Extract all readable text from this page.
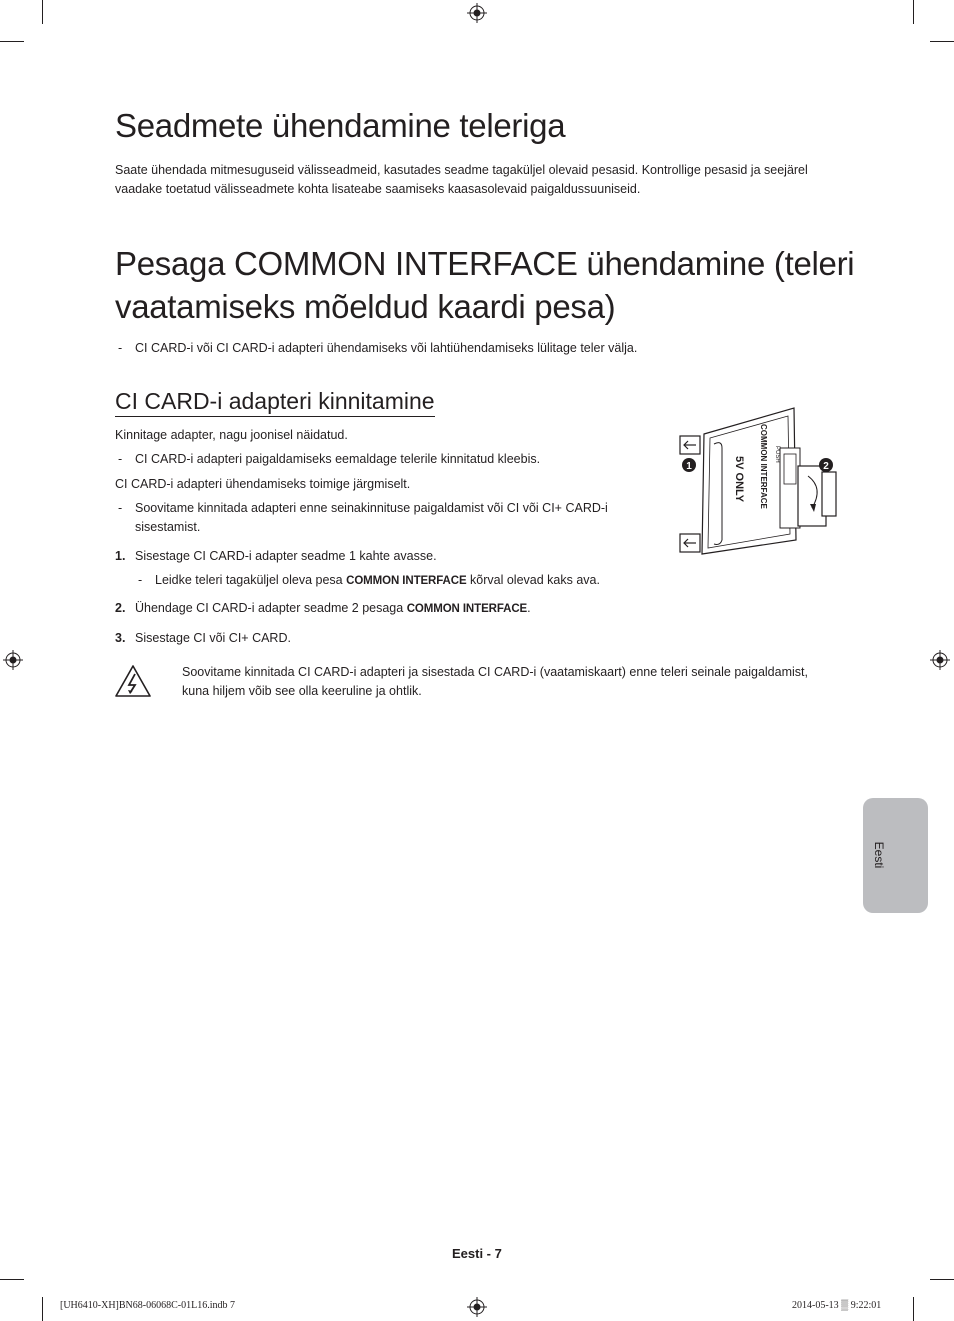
Seadmete ühendamine teleriga

Saate ühendada mitmesuguseid välisseadmeid, kasutades seadme tagaküljel olevaid pesasid. Kontrollige pesasid ja seejärel

vaadake toetatud välisseadmete kohta lisateabe saamiseks kaasasolevaid paigaldussuuniseid.

Pesaga COMMON INTERFACE ühendamine (teleri
vaatamiseks mõeldud kaardi pesa)
- CI CARD-i või CI CARD-i adapteri ühendamiseks või lahtiühendamiseks lülitage teler välja.
CI CARD-i adapteri kinnitamine
Kinnitage adapter, nagu joonisel näidatud.
- CI CARD-i adapteri paigaldamiseks eemaldage telerile kinnitatud kleebis.
CI CARD-i adapteri ühendamiseks toimige järgmiselt.
- Soovitame kinnitada adapteri enne seinakinnituse paigaldamist või CI või CI+ CARD-i
sisestamist.
1. Sisestage CI CARD-i adapter seadme 1 kahte avasse.
- Leidke teleri tagaküljel oleva pesa COMMON INTERFACE kõrval olevad kaks ava.
2. Ühendage CI CARD-i adapter seadme 2 pesaga COMMON INTERFACE.
3. Sisestage CI või CI+ CARD.
Soovitame kinnitada CI CARD-i adapteri ja sisestada CI CARD-i (vaatamiskaart) enne teleri seinale paigaldamist,
kuna hiljem võib see olla keeruline ja ohtlik.
COMMON INTERFACE
5V ONLY
PUSH
1	2
Eesti
Eesti - 7
[UH6410-XH]BN68-06068C-01L16.indb 7	2014-05-13 ▒ 9:22:01
